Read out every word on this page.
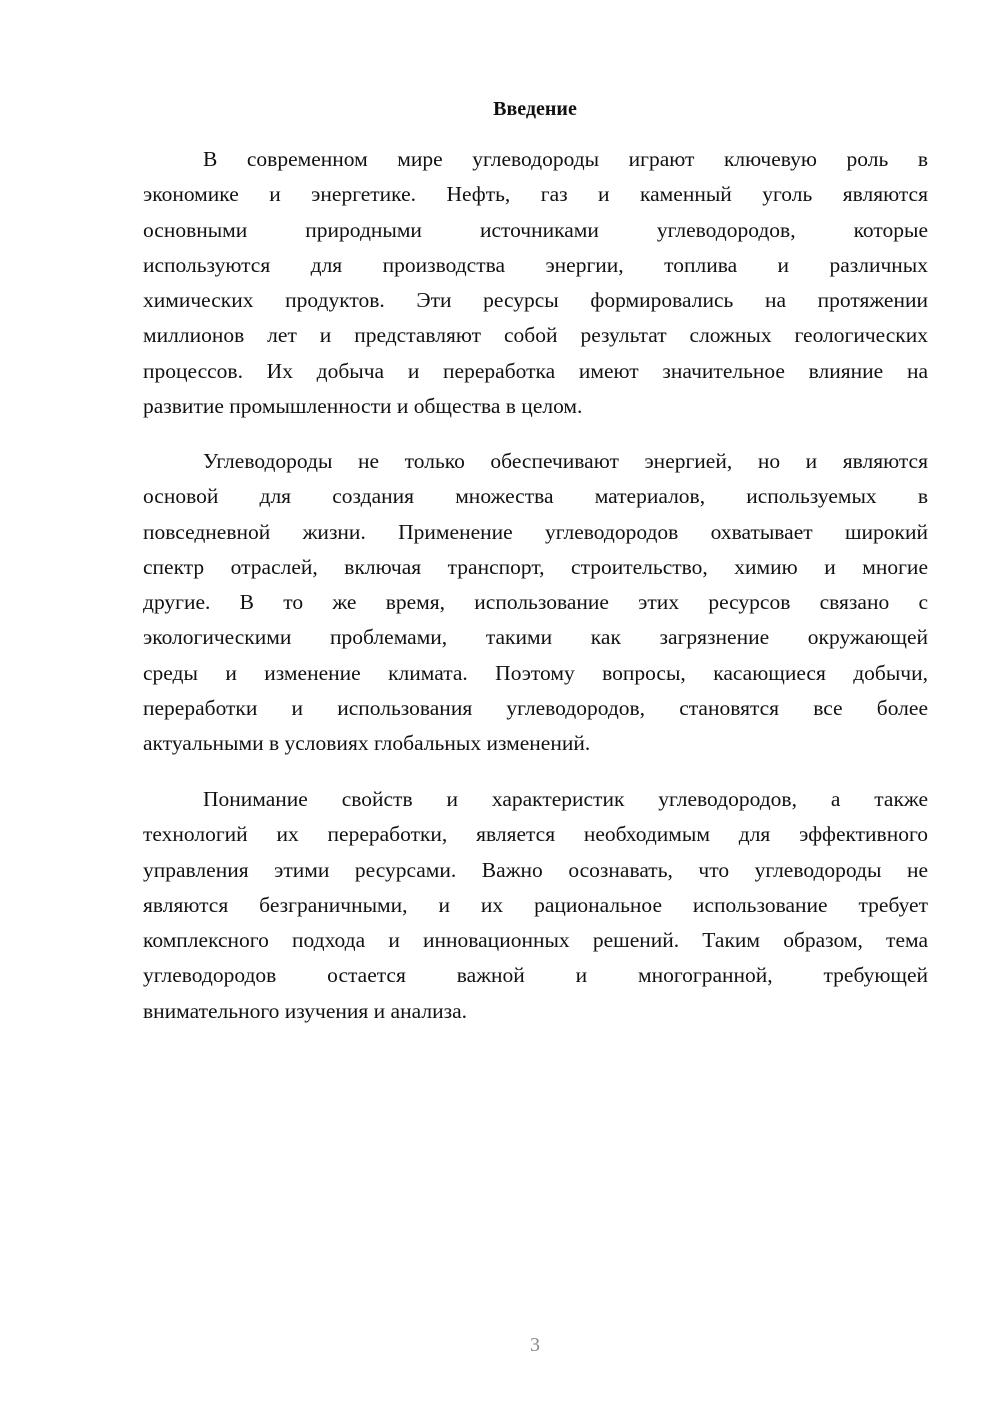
Введение
В современном мире углеводороды играют ключевую роль в
экономике и энергетике. Нефть, газ и каменный уголь являются
основными природными источниками углеводородов, которые
используются для производства энергии, топлива и различных
химических продуктов. Эти ресурсы формировались на протяжении
миллионов лет и представляют собой результат сложных геологических
процессов. Их добыча и переработка имеют значительное влияние на
развитие промышленности и общества в целом.
Углеводороды не только обеспечивают энергией, но и являются
основой для создания множества материалов, используемых в
повседневной жизни. Применение углеводородов охватывает широкий
спектр отраслей, включая транспорт, строительство, химию и многие
другие. В то же время, использование этих ресурсов связано с
экологическими проблемами, такими как загрязнение окружающей
среды и изменение климата. Поэтому вопросы, касающиеся добычи,
переработки и использования углеводородов, становятся все более
актуальными в условиях глобальных изменений.
Понимание свойств и характеристик углеводородов, а также
технологий их переработки, является необходимым для эффективного
управления этими ресурсами. Важно осознавать, что углеводороды не
являются безграничными, и их рациональное использование требует
комплексного подхода и инновационных решений. Таким образом, тема
углеводородов остается важной и многогранной, требующей
внимательного изучения и анализа.
3
